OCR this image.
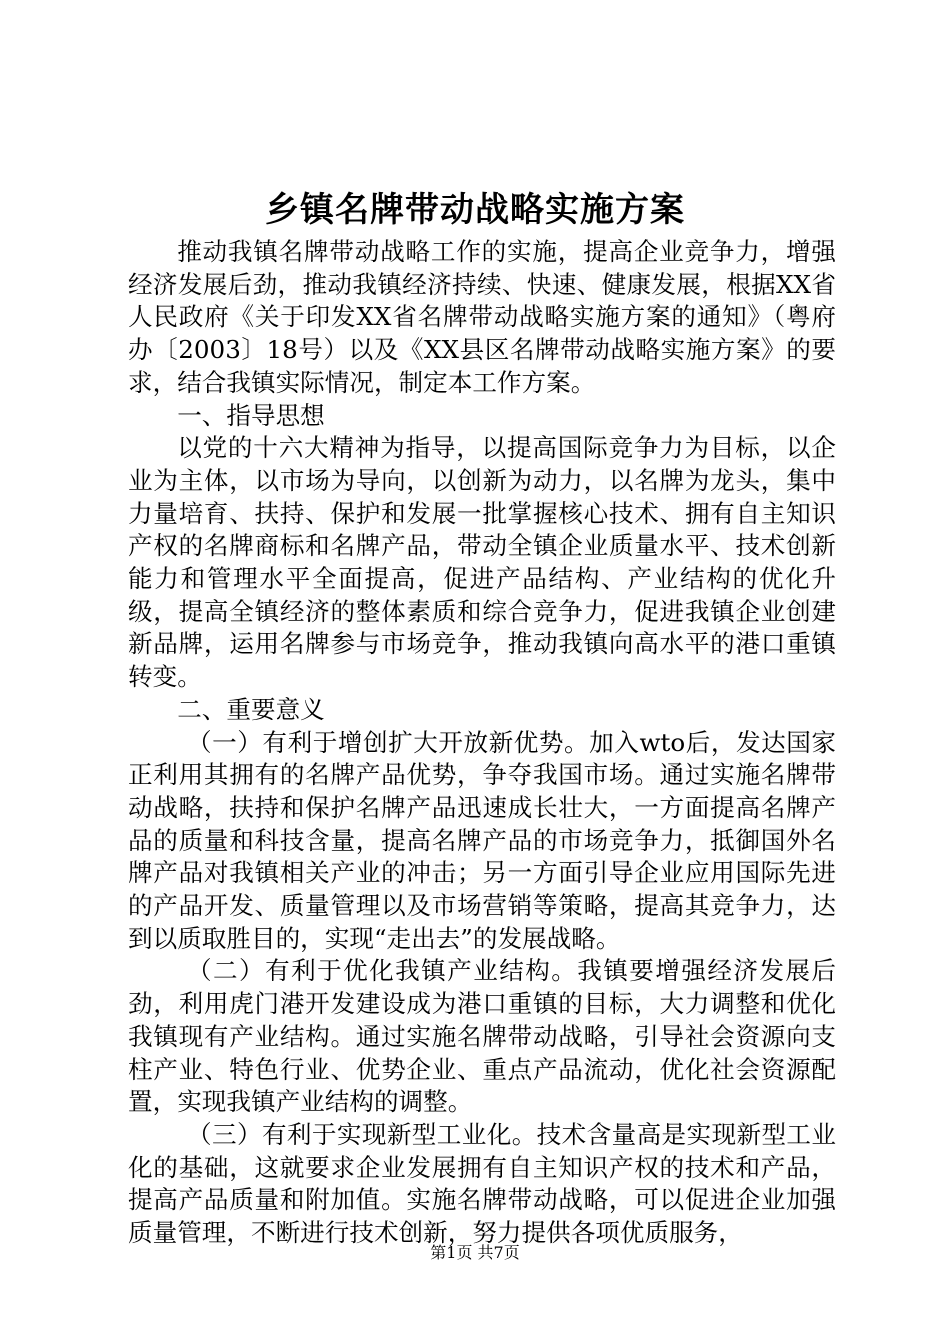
乡镇名牌带动战略实施方案

推动我镇名牌带动战略工作的实施，提高企业竞争力，增强经济发展后劲，推动我镇经济持续、快速、健康发展，根据XX省人民政府《关于印发XX省名牌带动战略实施方案的通知》（粤府办〔2003〕18号）以及《XX县区名牌带动战略实施方案》的要求，结合我镇实际情况，制定本工作方案。

一、指导思想

以党的十六大精神为指导，以提高国际竞争力为目标，以企业为主体，以市场为导向，以创新为动力，以名牌为龙头，集中力量培育、扶持、保护和发展一批掌握核心技术、拥有自主知识产权的名牌商标和名牌产品，带动全镇企业质量水平、技术创新能力和管理水平全面提高，促进产品结构、产业结构的优化升级，提高全镇经济的整体素质和综合竞争力，促进我镇企业创建新品牌，运用名牌参与市场竞争，推动我镇向高水平的港口重镇转变。

二、重要意义

（一）有利于增创扩大开放新优势。加入wto后，发达国家正利用其拥有的名牌产品优势，争夺我国市场。通过实施名牌带动战略，扶持和保护名牌产品迅速成长壮大，一方面提高名牌产品的质量和科技含量，提高名牌产品的市场竞争力，抵御国外名牌产品对我镇相关产业的冲击；另一方面引导企业应用国际先进的产品开发、质量管理以及市场营销等策略，提高其竞争力，达到以质取胜目的，实现“走出去”的发展战略。

（二）有利于优化我镇产业结构。我镇要增强经济发展后劲，利用虎门港开发建设成为港口重镇的目标，大力调整和优化我镇现有产业结构。通过实施名牌带动战略，引导社会资源向支柱产业、特色行业、优势企业、重点产品流动，优化社会资源配置，实现我镇产业结构的调整。

（三）有利于实现新型工业化。技术含量高是实现新型工业化的基础，这就要求企业发展拥有自主知识产权的技术和产品，提高产品质量和附加值。实施名牌带动战略，可以促进企业加强质量管理，不断进行技术创新，努力提供各项优质服务，

第1页 共7页
